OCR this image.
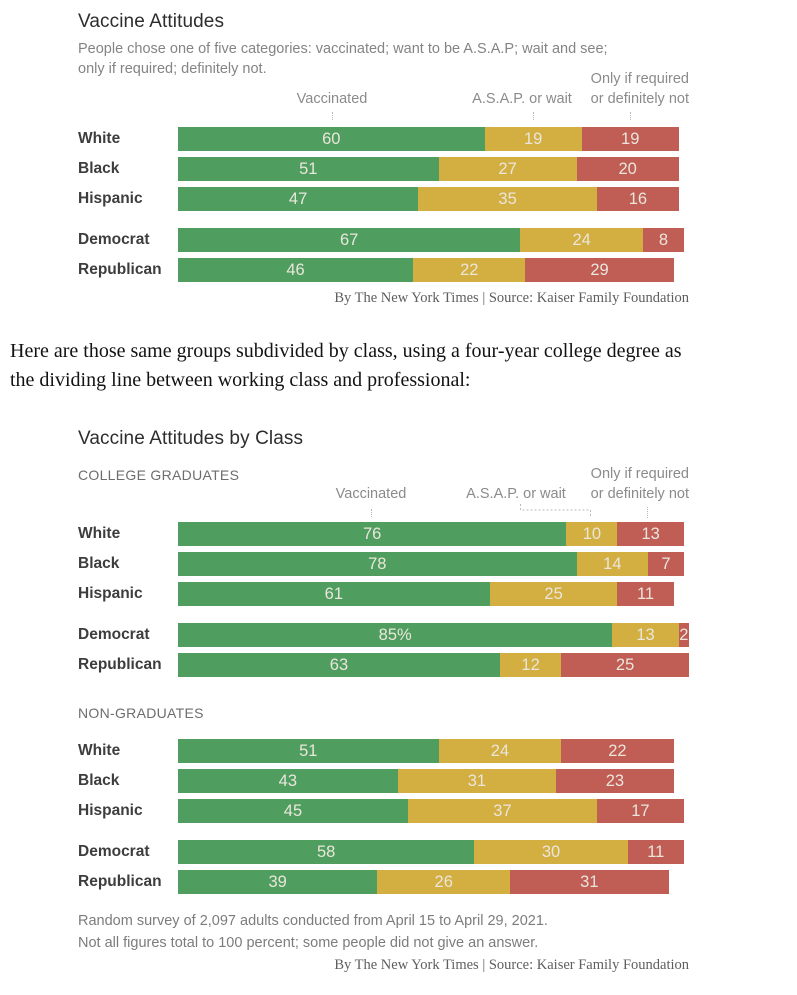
Vaccine Attitudes
People chose one of five categories: vaccinated; want to be A.S.A.P; wait and see;
only if required; definitely not.
Vaccinated	A.S.A.P. or wait
Only if required
or definitely not
White	60	19	19
Black	51	27	20
Hispanic	47	35	16
Democrat	67	24	8
Republican	46	22	29
By The New York Times | Source: Kaiser Family Foundation

Here are those same groups subdivided by class, using a four-year college degree as the dividing line between working class and professional:

Vaccine Attitudes by Class
COLLEGE GRADUATES
Vaccinated	A.S.A.P. or wait
Only if required
or definitely not
White	76	10 13
Black	78	14 7
Hispanic	61	25	11
Democrat	85%	13 2
Republican	63	12	25
NON-GRADUATES
White	51	24	22
Black	43	31	23
Hispanic	45	37	17
Democrat	58	30	11
Republican	39	26	31
Random survey of 2,097 adults conducted from April 15 to April 29, 2021.
Not all figures total to 100 percent; some people did not give an answer.
By The New York Times | Source: Kaiser Family Foundation
